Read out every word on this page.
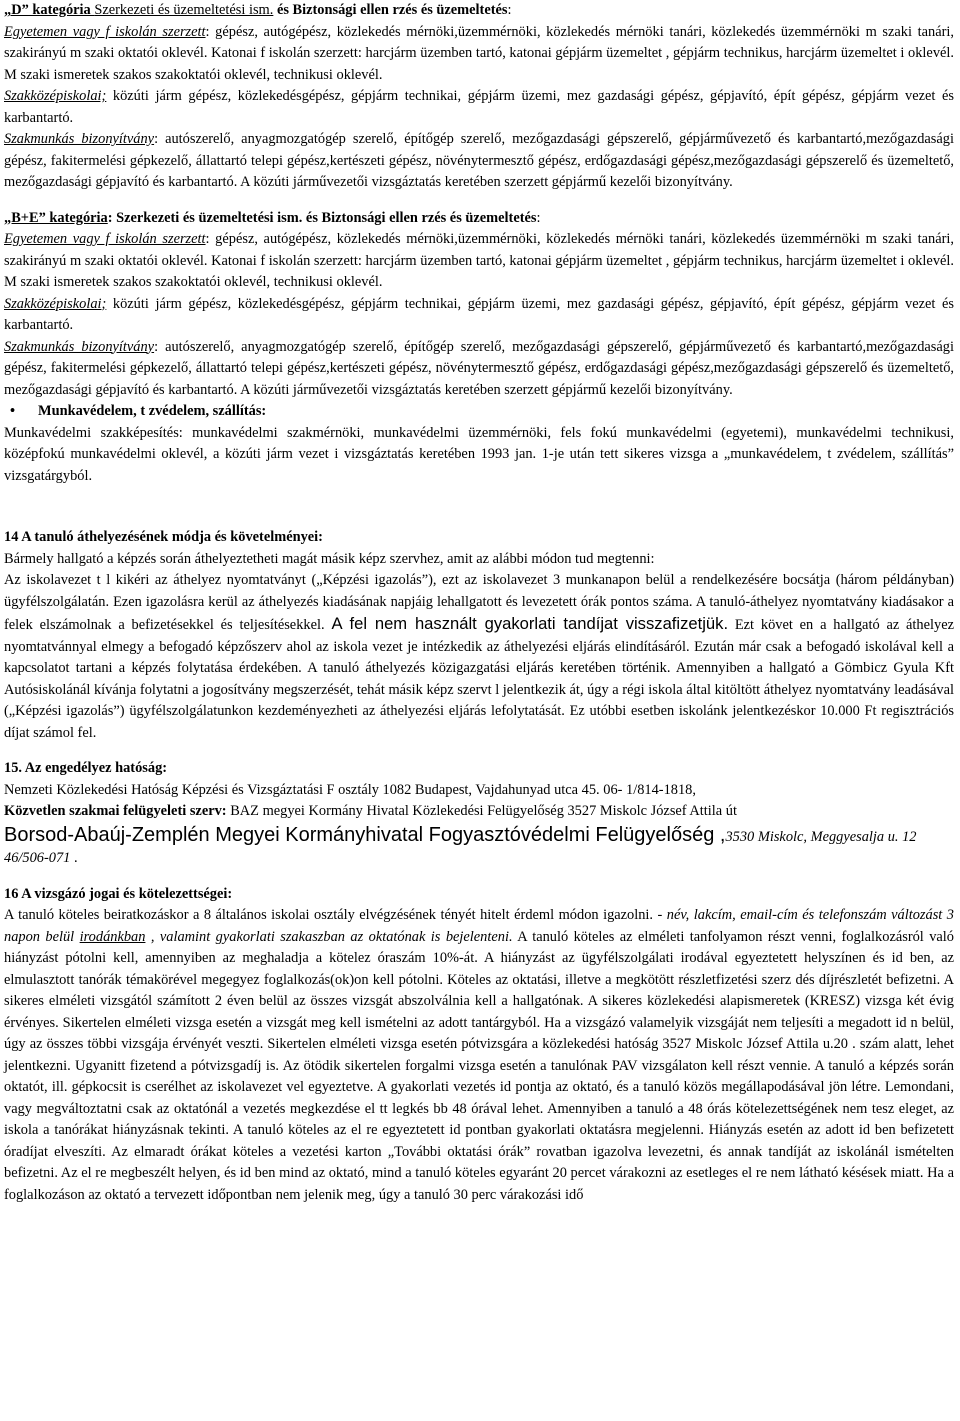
„D” kategória Szerkezeti és üzemeltetési ism. és Biztonsági ellen rzés és üzemeltetés:

Egyetemen vagy f iskolán szerzett: gépész, autógépész, közlekedés mérnöki,üzemmérnöki, közlekedés mérnöki tanári, közlekedés üzemmérnöki m szaki tanári, szakirányú m szaki oktatói oklevél. Katonai f iskolán szerzett: harcjárm üzemben tartó, katonai gépjárm üzemeltet , gépjárm technikus, harcjárm üzemeltet i oklevél. M szaki ismeretek szakos szakoktatói oklevél, technikusi oklevél.

Szakközépiskolai; közúti járm gépész, közlekedésgépész, gépjárm technikai, gépjárm üzemi, mez gazdasági gépész, gépjavító, épít gépész, gépjárm vezet és karbantartó.

Szakmunkás bizonyítvány: autószerelő, anyagmozgatógép szerelő, építőgép szerelő, mezőgazdasági gépszerelő, gépjárművezető és karbantartó,mezőgazdasági gépész, fakitermelési gépkezelő, állattartó telepi gépész,kertészeti gépész, növénytermesztő gépész, erdőgazdasági gépész,mezőgazdasági gépszerelő és üzemeltető, mezőgazdasági gépjavító és karbantartó. A közúti járművezetői vizsgáztatás keretében szerzett gépjármű kezelői bizonyítvány.

„B+E” kategória: Szerkezeti és üzemeltetési ism. és Biztonsági ellen rzés és üzemeltetés:

Egyetemen vagy f iskolán szerzett: gépész, autógépész, közlekedés mérnöki,üzemmérnöki, közlekedés mérnöki tanári, közlekedés üzemmérnöki m szaki tanári, szakirányú m szaki oktatói oklevél. Katonai f iskolán szerzett: harcjárm üzemben tartó, katonai gépjárm üzemeltet , gépjárm technikus, harcjárm üzemeltet i oklevél. M szaki ismeretek szakos szakoktatói oklevél, technikusi oklevél.

Szakközépiskolai; közúti járm gépész, közlekedésgépész, gépjárm technikai, gépjárm üzemi, mez gazdasági gépész, gépjavító, épít gépész, gépjárm vezet és karbantartó.

Szakmunkás bizonyítvány: autószerelő, anyagmozgatógép szerelő, építőgép szerelő, mezőgazdasági gépszerelő, gépjárművezető és karbantartó,mezőgazdasági gépész, fakitermelési gépkezelő, állattartó telepi gépész,kertészeti gépész, növénytermesztő gépész, erdőgazdasági gépész,mezőgazdasági gépszerelő és üzemeltető, mezőgazdasági gépjavító és karbantartó. A közúti járművezetői vizsgáztatás keretében szerzett gépjármű kezelői bizonyítvány.

• Munkavédelem, t zvédelem, szállítás:

Munkavédelmi szakképesítés: munkavédelmi szakmérnöki, munkavédelmi üzemmérnöki, fels fokú munkavédelmi (egyetemi), munkavédelmi technikusi, középfokú munkavédelmi oklevél, a közúti járm vezet i vizsgáztatás keretében 1993 jan. 1-je után tett sikeres vizsga a „munkavédelem, t zvédelem, szállítás” vizsgatárgyból.

14 A tanuló áthelyezésének módja és követelményei:

Bármely hallgató a képzés során áthelyeztetheti magát másik képz szervhez, amit az alábbi módon tud megtenni:

Az iskolavezet t l kikéri az áthelyez nyomtatványt („Képzési igazolás”), ezt az iskolavezet 3 munkanapon belül a rendelkezésére bocsátja (három példányban) ügyfélszolgálatán. Ezen igazolásra kerül az áthelyezés kiadásának napjáig lehallgatott és levezetett órák pontos száma. A tanuló-áthelyez nyomtatvány kiadásakor a felek elszámolnak a befizetésekkel és teljesítésekkel. A fel nem használt gyakorlati tandíjat visszafizetjük. Ezt követ en a hallgató az áthelyez nyomtatvánnyal elmegy a befogadó képzőszerv ahol az iskola vezet je intézkedik az áthelyezési eljárás elindításáról. Ezután már csak a befogadó iskolával kell a kapcsolatot tartani a képzés folytatása érdekében. A tanuló áthelyezés közigazgatási eljárás keretében történik. Amennyiben a hallgató a Gömbicz Gyula Kft Autósiskolánál kívánja folytatni a jogosítvány megszerzését, tehát másik képz szervt l jelentkezik át, úgy a régi iskola által kitöltött áthelyez nyomtatvány leadásával („Képzési igazolás”) ügyfélszolgálatunkon kezdeményezheti az áthelyezési eljárás lefolytatását. Ez utóbbi esetben iskolánk jelentkezéskor 10.000 Ft regisztrációs díjat számol fel.

15. Az engedélyez hatóság:

Nemzeti Közlekedési Hatóság Képzési és Vizsgáztatási F osztály 1082 Budapest, Vajdahunyad utca 45. 06- 1/814-1818,

Közvetlen szakmai felügyeleti szerv: BAZ megyei Kormány Hivatal Közlekedési Felügyelőség 3527 Miskolc József Attila út

Borsod-Abaúj-Zemplén Megyei Kormányhivatal Fogyasztóvédelmi Felügyelőség ,3530 Miskolc, Meggyesalja u. 12 46/506-071 .

16 A vizsgázó jogai és kötelezettségei:

A tanuló köteles beiratkozáskor a 8 általános iskolai osztály elvégzésének tényét hitelt érdeml módon igazolni. - név, lakcím, email-cím és telefonszám változást 3 napon belül irodánkban , valamint gyakorlati szakaszban az oktatónak is bejelenteni. A tanuló köteles az elméleti tanfolyamon részt venni, foglalkozásról való hiányzást pótolni kell, amennyiben az meghaladja a kötelez óraszám 10%-át. A hiányzást az ügyfélszolgálati irodával egyeztetett helyszínen és id ben, az elmulasztott tanórák témakörével megegyez foglalkozás(ok)on kell pótolni. Köteles az oktatási, illetve a megkötött részletfizetési szerz dés díjrészletét befizetni. A sikeres elméleti vizsgától számított 2 éven belül az összes vizsgát abszolválnia kell a hallgatónak. A sikeres közlekedési alapismeretek (KRESZ) vizsga két évig érvényes. Sikertelen elméleti vizsga esetén a vizsgát meg kell ismételni az adott tantárgyból. Ha a vizsgázó valamelyik vizsgáját nem teljesíti a megadott id n belül, úgy az összes többi vizsgája érvényét veszti. Sikertelen elméleti vizsga esetén pótvizsgára a közlekedési hatóság 3527 Miskolc József Attila u.20 . szám alatt, lehet jelentkezni. Ugyanitt fizetend a pótvizsgadíj is. Az ötödik sikertelen forgalmi vizsga esetén a tanulónak PAV vizsgálaton kell részt vennie. A tanuló a képzés során oktatót, ill. gépkocsit is cserélhet az iskolavezet vel egyeztetve. A gyakorlati vezetés id pontja az oktató, és a tanuló közös megállapodásával jön létre. Lemondani, vagy megváltoztatni csak az oktatónál a vezetés megkezdése el tt legkés bb 48 órával lehet. Amennyiben a tanuló a 48 órás kötelezettségének nem tesz eleget, az iskola a tanórákat hiányzásnak tekinti. A tanuló köteles az el re egyeztetett id pontban gyakorlati oktatásra megjelenni. Hiányzás esetén az adott id ben befizetett óradíjat elveszíti. Az elmaradt órákat köteles a vezetési karton „További oktatási órák” rovatban igazolva levezetni, és annak tandíját az iskolánál ismételten befizetni. Az el re megbeszélt helyen, és id ben mind az oktató, mind a tanuló köteles egyaránt 20 percet várakozni az esetleges el re nem látható késések miatt. Ha a foglalkozáson az oktató a tervezett időpontban nem jelenik meg, úgy a tanuló 30 perc várakozási idő
